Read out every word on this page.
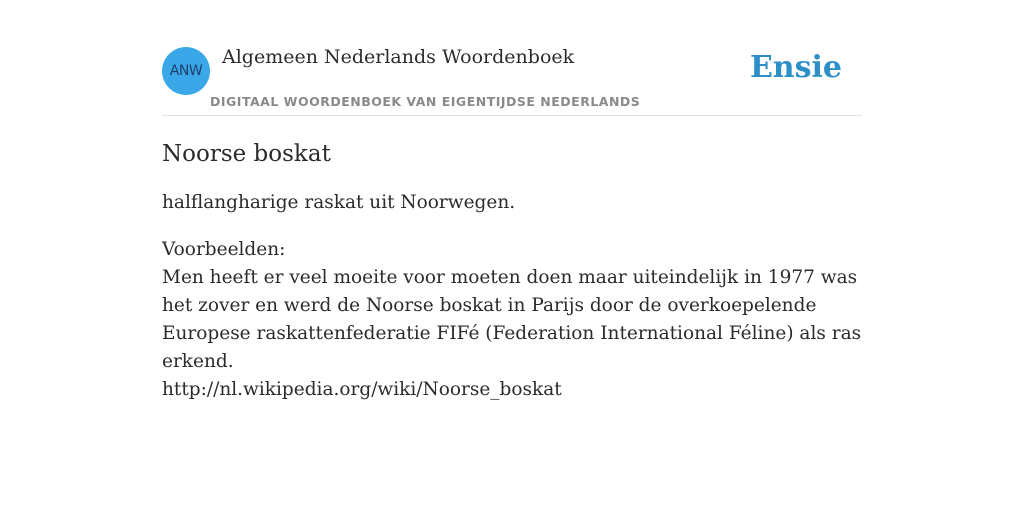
ANW
Algemeen Nederlands Woordenboek
DIGITAAL WOORDENBOEK VAN EIGENTIJDSE NEDERLANDS
Ensie
Noorse boskat

halflangharige raskat uit Noorwegen.

Voorbeelden:
Men heeft er veel moeite voor moeten doen maar uiteindelijk in 1977 was het zover en werd de Noorse boskat in Parijs door de overkoepelende Europese raskattenfederatie FIFé (Federation International Féline) als ras erkend.
http://nl.wikipedia.org/wiki/Noorse_boskat
